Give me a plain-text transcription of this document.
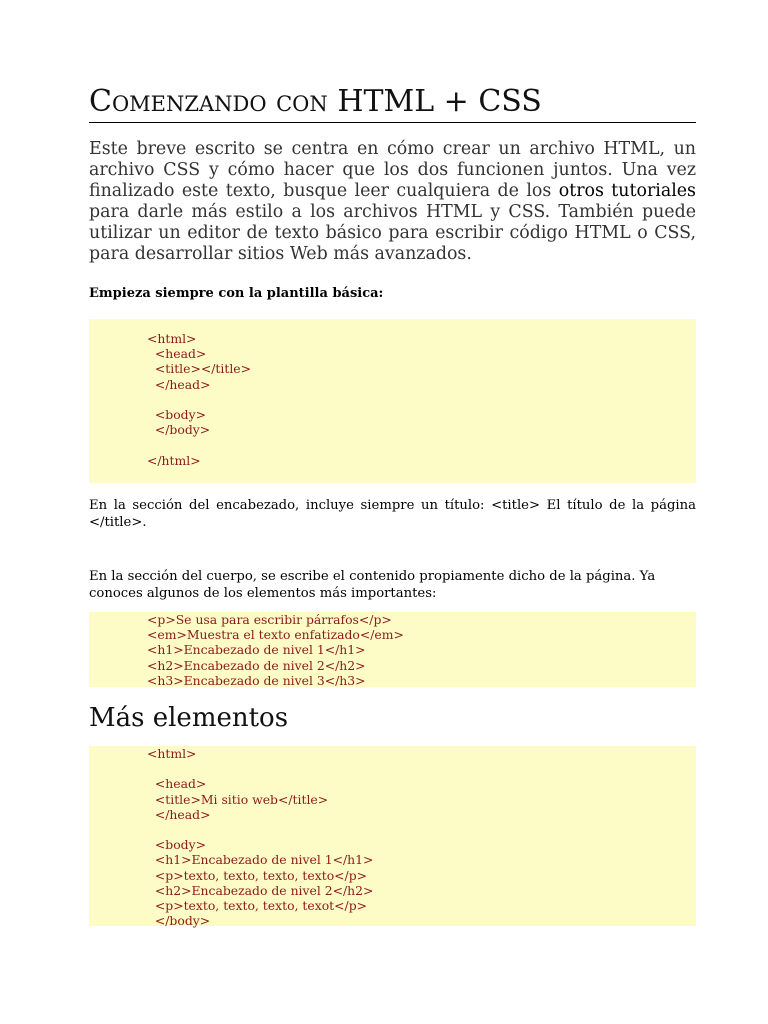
Comenzando con HTML + CSS

Este breve escrito se centra en cómo crear un archivo HTML, un archivo CSS y cómo hacer que los dos funcionen juntos. Una vez finalizado este texto, busque leer cualquiera de los otros tutoriales para darle más estilo a los archivos HTML y CSS. También puede utilizar un editor de texto básico para escribir código HTML o CSS, para desarrollar sitios Web más avanzados.

Empieza siempre con la plantilla básica:

<html>
<head>
<title></title>
</head>

<body>
</body>

</html>

En la sección del encabezado, incluye siempre un título: <title> El título de la página </title>.

En la sección del cuerpo, se escribe el contenido propiamente dicho de la página. Ya conoces algunos de los elementos más importantes:

<p>Se usa para escribir párrafos</p>
<em>Muestra el texto enfatizado</em>
<h1>Encabezado de nivel 1</h1>
<h2>Encabezado de nivel 2</h2>
<h3>Encabezado de nivel 3</h3>
Más elementos
<html>

<head>
<title>Mi sitio web</title>
</head>

<body>
<h1>Encabezado de nivel 1</h1>
<p>texto, texto, texto, texto</p>
<h2>Encabezado de nivel 2</h2>
<p>texto, texto, texto, texot</p>
</body>
